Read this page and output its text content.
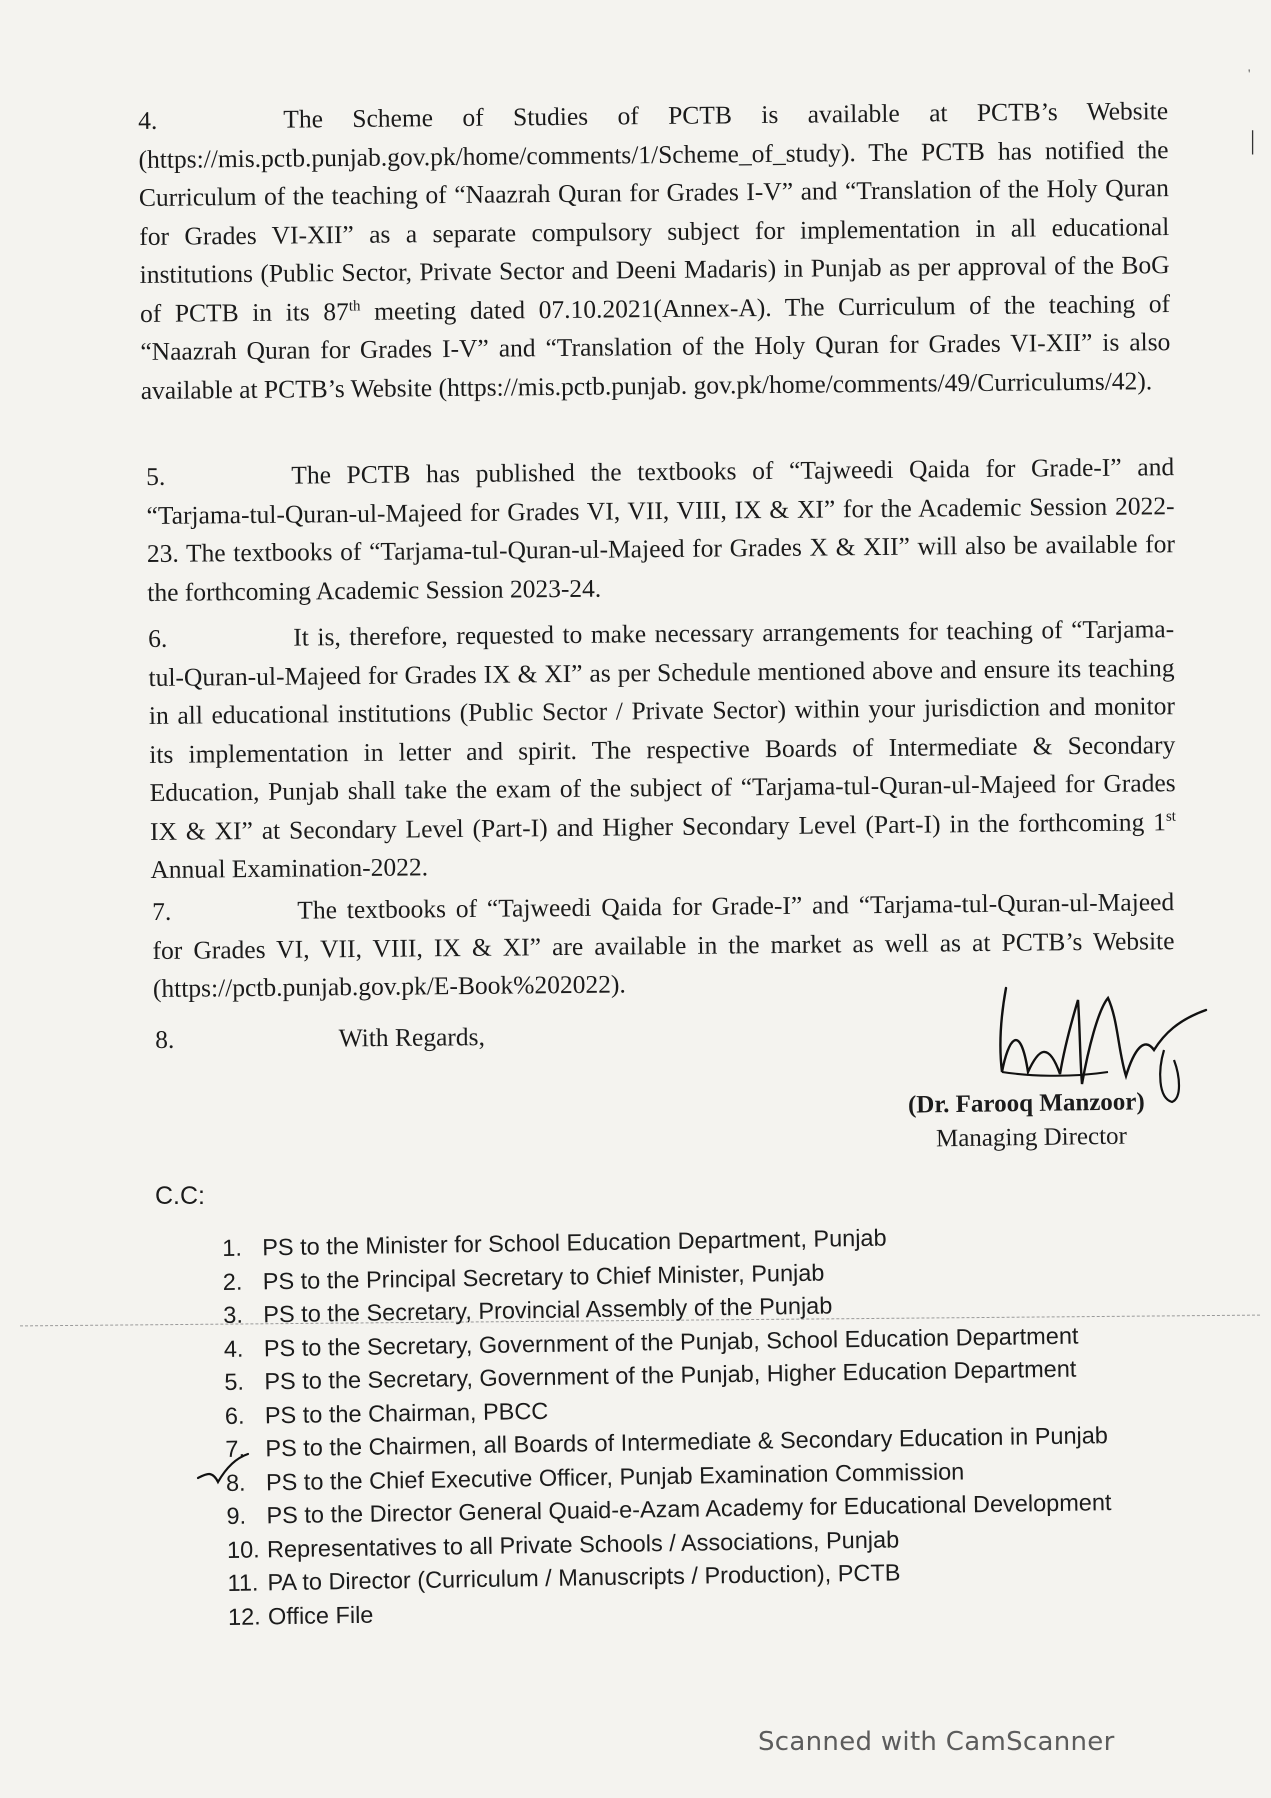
'
|
4.	The Scheme of Studies of PCTB is available at PCTB’s Website (https://mis.pctb.punjab.gov.pk/home/comments/1/Scheme_of_study). The PCTB has notified the Curriculum of the teaching of “Naazrah Quran for Grades I-V” and “Translation of the Holy Quran for Grades VI-XII” as a separate compulsory subject for implementation in all educational institutions (Public Sector, Private Sector and Deeni Madaris) in Punjab as per approval of the BoG of PCTB in its 87th meeting dated 07.10.2021(Annex-A). The Curriculum of the teaching of “Naazrah Quran for Grades I-V” and “Translation of the Holy Quran for Grades VI-XII” is also available at PCTB’s Website (https://mis.pctb.punjab. gov.pk/home/comments/49/Curriculums/42).
5.	The PCTB has published the textbooks of “Tajweedi Qaida for Grade-I” and “Tarjama-tul-Quran-ul-Majeed for Grades VI, VII, VIII, IX & XI” for the Academic Session 2022-23. The textbooks of “Tarjama-tul-Quran-ul-Majeed for Grades X & XII” will also be available for the forthcoming Academic Session 2023-24.
6.	It is, therefore, requested to make necessary arrangements for teaching of “Tarjama-tul-Quran-ul-Majeed for Grades IX & XI” as per Schedule mentioned above and ensure its teaching in all educational institutions (Public Sector / Private Sector) within your jurisdiction and monitor its implementation in letter and spirit. The respective Boards of Intermediate & Secondary Education, Punjab shall take the exam of the subject of “Tarjama-tul-Quran-ul-Majeed for Grades IX & XI” at Secondary Level (Part-I) and Higher Secondary Level (Part-I) in the forthcoming 1st Annual Examination-2022.
7.	The textbooks of “Tajweedi Qaida for Grade-I” and “Tarjama-tul-Quran-ul-Majeed for Grades VI, VII, VIII, IX & XI” are available in the market as well as at PCTB’s Website (https://pctb.punjab.gov.pk/E-Book%202022).
8.	With Regards,
(Dr. Farooq Manzoor)
Managing Director
C.C:
1. PS to the Minister for School Education Department, Punjab
2. PS to the Principal Secretary to Chief Minister, Punjab
3. PS to the Secretary, Provincial Assembly of the Punjab
4. PS to the Secretary, Government of the Punjab, School Education Department
5. PS to the Secretary, Government of the Punjab, Higher Education Department
6. PS to the Chairman, PBCC
7. PS to the Chairmen, all Boards of Intermediate & Secondary Education in Punjab
8. PS to the Chief Executive Officer, Punjab Examination Commission
9. PS to the Director General Quaid-e-Azam Academy for Educational Development
10. Representatives to all Private Schools / Associations, Punjab
11. PA to Director (Curriculum / Manuscripts / Production), PCTB
12. Office File
Scanned with CamScanner
